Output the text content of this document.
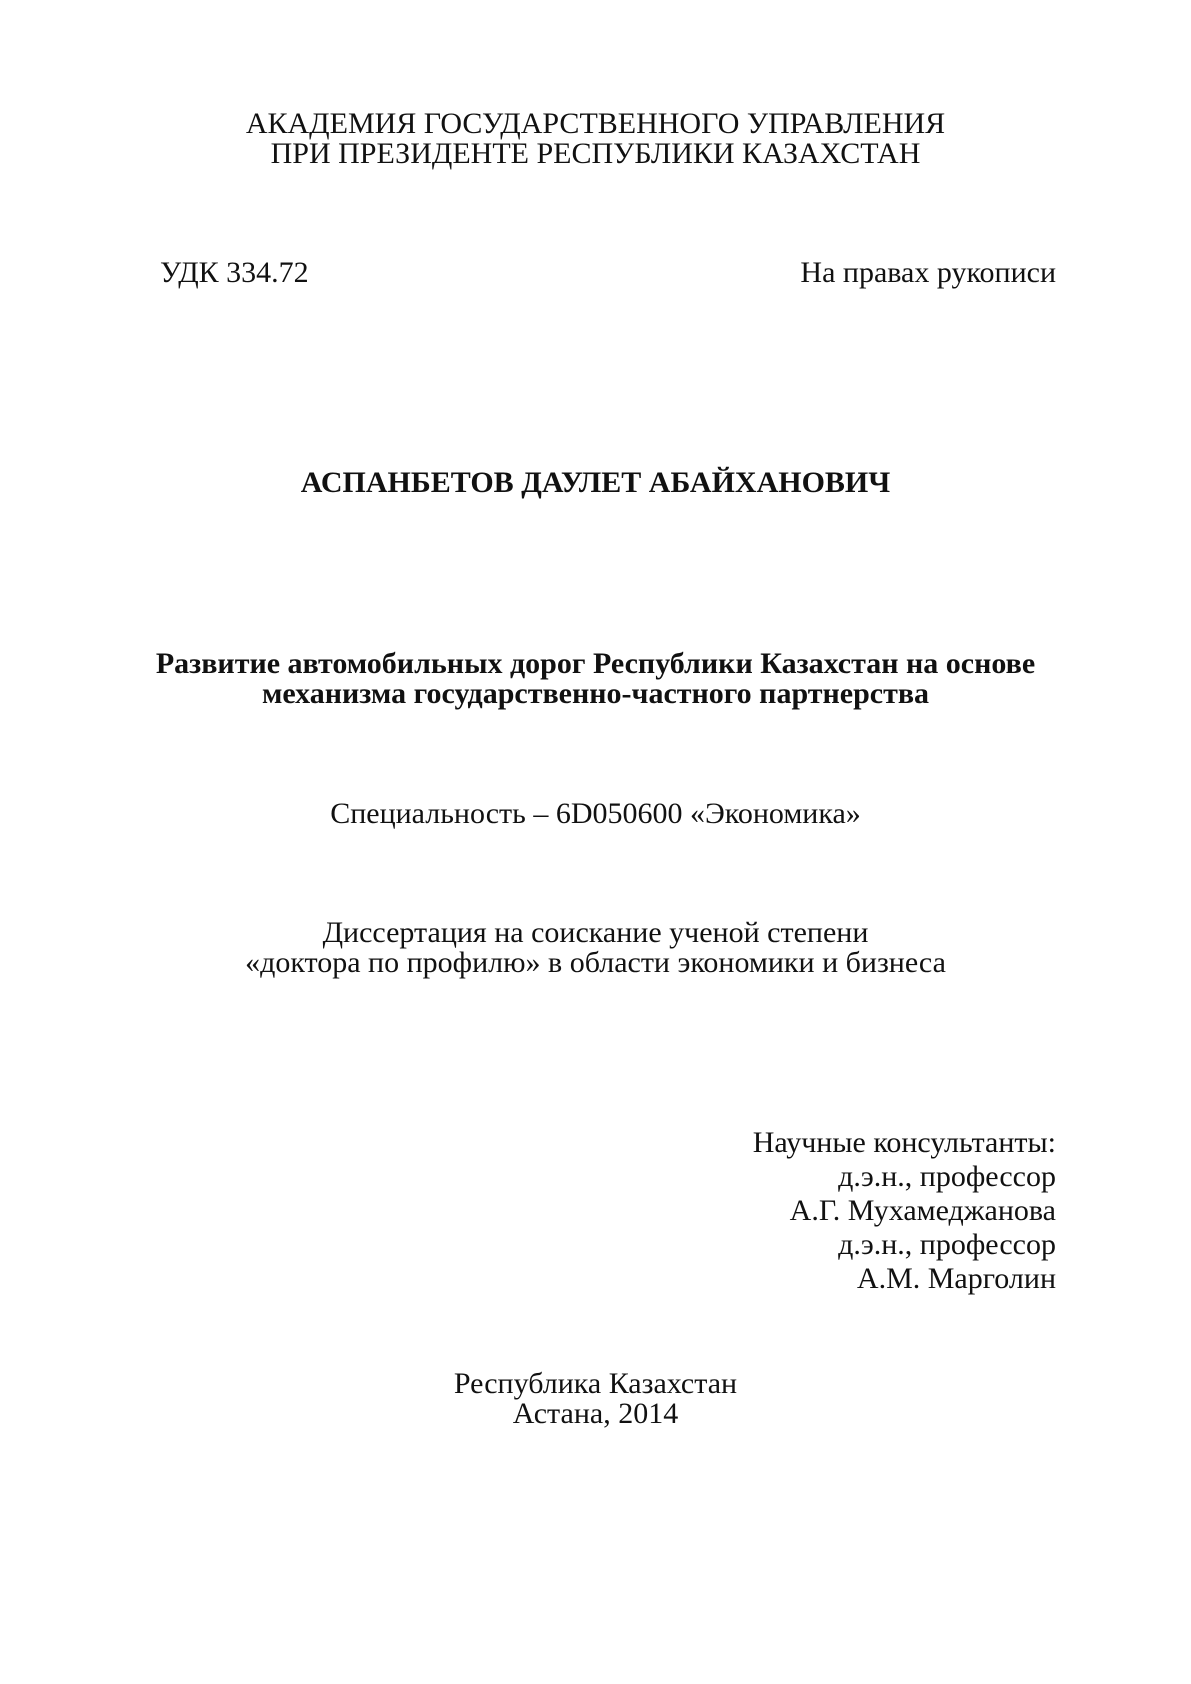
АКАДЕМИЯ ГОСУДАРСТВЕННОГО УПРАВЛЕНИЯ
ПРИ ПРЕЗИДЕНТЕ РЕСПУБЛИКИ КАЗАХСТАН
УДК 334.72	На правах рукописи
АСПАНБЕТОВ ДАУЛЕТ АБАЙХАНОВИЧ
Развитие автомобильных дорог Республики Казахстан на основе
механизма государственно-частного партнерства
Специальность – 6D050600 «Экономика»
Диссертация на соискание ученой степени
«доктора по профилю» в области экономики и бизнеса
Научные консультанты:
д.э.н., профессор
А.Г. Мухамеджанова
д.э.н., профессор
А.М. Марголин
Республика Казахстан
Астана, 2014
